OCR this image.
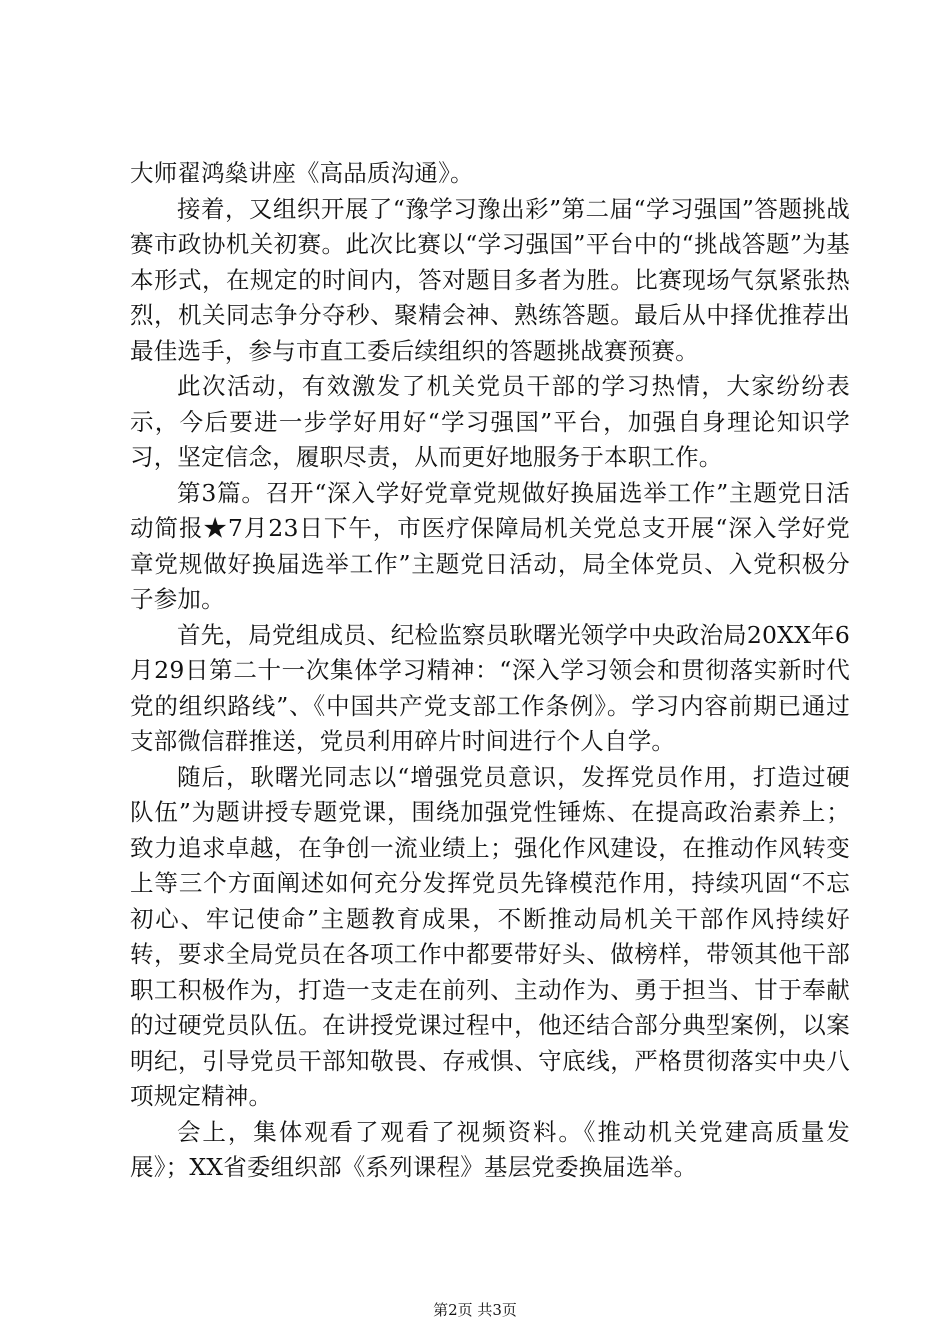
大师翟鸿燊讲座《高品质沟通》。

接着，又组织开展了“豫学习豫出彩”第二届“学习强国”答题挑战赛市政协机关初赛。此次比赛以“学习强国”平台中的“挑战答题”为基本形式，在规定的时间内，答对题目多者为胜。比赛现场气氛紧张热烈，机关同志争分夺秒、聚精会神、熟练答题。最后从中择优推荐出最佳选手，参与市直工委后续组织的答题挑战赛预赛。

此次活动，有效激发了机关党员干部的学习热情，大家纷纷表示，今后要进一步学好用好“学习强国”平台，加强自身理论知识学习，坚定信念，履职尽责，从而更好地服务于本职工作。

第3篇。召开“深入学好党章党规做好换届选举工作”主题党日活动简报★7月23日下午，市医疗保障局机关党总支开展“深入学好党章党规做好换届选举工作”主题党日活动，局全体党员、入党积极分子参加。

首先，局党组成员、纪检监察员耿曙光领学中央政治局20XX年6月29日第二十一次集体学习精神：“深入学习领会和贯彻落实新时代党的组织路线”、《中国共产党支部工作条例》。学习内容前期已通过支部微信群推送，党员利用碎片时间进行个人自学。

随后，耿曙光同志以“增强党员意识，发挥党员作用，打造过硬队伍”为题讲授专题党课，围绕加强党性锤炼、在提高政治素养上；致力追求卓越，在争创一流业绩上；强化作风建设，在推动作风转变上等三个方面阐述如何充分发挥党员先锋模范作用，持续巩固“不忘初心、牢记使命”主题教育成果，不断推动局机关干部作风持续好转，要求全局党员在各项工作中都要带好头、做榜样，带领其他干部职工积极作为，打造一支走在前列、主动作为、勇于担当、甘于奉献的过硬党员队伍。在讲授党课过程中，他还结合部分典型案例，以案明纪，引导党员干部知敬畏、存戒惧、守底线，严格贯彻落实中央八项规定精神。

会上，集体观看了观看了视频资料。《推动机关党建高质量发展》；XX省委组织部《系列课程》基层党委换届选举。

第2页 共3页
